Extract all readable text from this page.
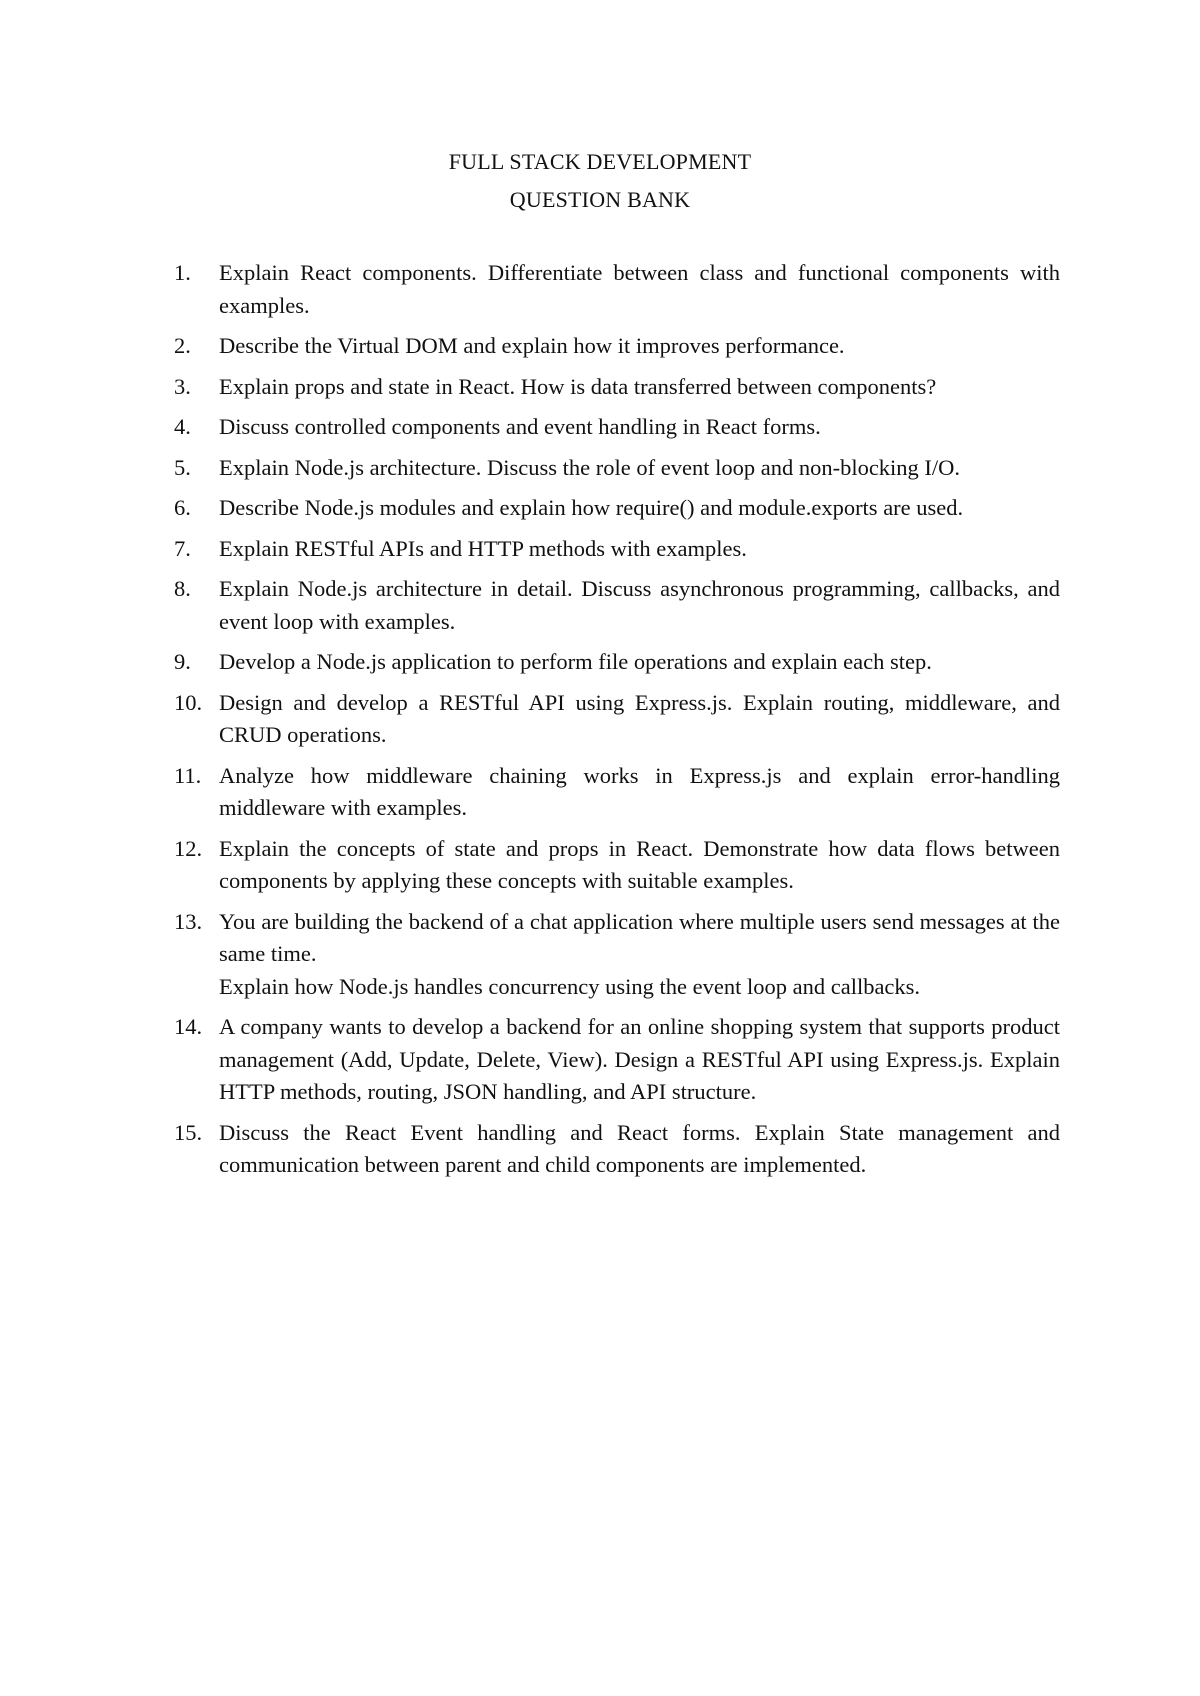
FULL STACK DEVELOPMENT
QUESTION BANK
1.	Explain React components. Differentiate between class and functional components with examples.
2.	Describe the Virtual DOM and explain how it improves performance.
3.	Explain props and state in React. How is data transferred between components?
4.	Discuss controlled components and event handling in React forms.
5.	Explain Node.js architecture. Discuss the role of event loop and non-blocking I/O.
6.	Describe Node.js modules and explain how require() and module.exports are used.
7.	Explain RESTful APIs and HTTP methods with examples.
8.	Explain Node.js architecture in detail. Discuss asynchronous programming, callbacks, and event loop with examples.
9.	Develop a Node.js application to perform file operations and explain each step.
10. Design and develop a RESTful API using Express.js. Explain routing, middleware, and CRUD operations.
11. Analyze how middleware chaining works in Express.js and explain error-handling middleware with examples.
12. Explain the concepts of state and props in React. Demonstrate how data flows between components by applying these concepts with suitable examples.
13. You are building the backend of a chat application where multiple users send messages at the same time.
Explain how Node.js handles concurrency using the event loop and callbacks.
14. A company wants to develop a backend for an online shopping system that supports product management (Add, Update, Delete, View). Design a RESTful API using Express.js. Explain HTTP methods, routing, JSON handling, and API structure.
15. Discuss the React Event handling and React forms. Explain State management and communication between parent and child components are implemented.
